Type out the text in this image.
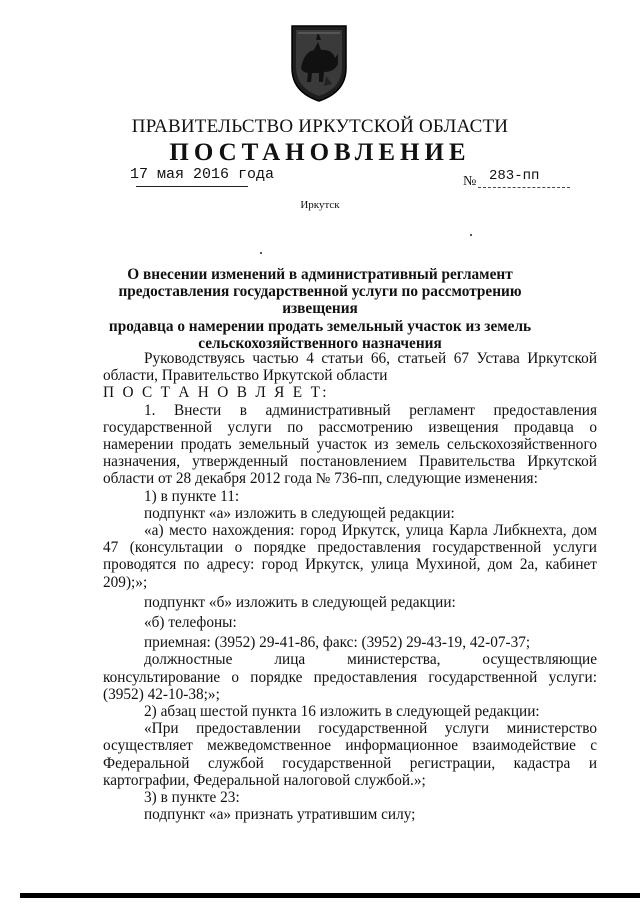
ПРАВИТЕЛЬСТВО ИРКУТСКОЙ ОБЛАСТИ
ПОСТАНОВЛЕНИЕ
17 мая 2016 года	№ 283-пп
Иркутск
О внесении изменений в административный регламент
предоставления государственной услуги по рассмотрению извещения
продавца о намерении продать земельный участок из земель
сельскохозяйственного назначения

Руководствуясь частью 4 статьи 66, статьей 67 Устава Иркутской области, Правительство Иркутской области

П О С Т А Н О В Л Я Е Т:

1. Внести в административный регламент предоставления государственной услуги по рассмотрению извещения продавца о намерении продать земельный участок из земель сельскохозяйственного назначения, утвержденный постановлением Правительства Иркутской области от 28 декабря 2012 года № 736-пп, следующие изменения:

1) в пункте 11:

подпункт «а» изложить в следующей редакции:

«а) место нахождения: город Иркутск, улица Карла Либкнехта, дом 47 (консультации о порядке предоставления государственной услуги проводятся по адресу: город Иркутск, улица Мухиной, дом 2а, кабинет 209);»;

подпункт «б» изложить в следующей редакции:

«б) телефоны:

приемная: (3952) 29-41-86, факс: (3952) 29-43-19, 42-07-37;

должностные лица министерства, осуществляющие консультирование о порядке предоставления государственной услуги: (3952) 42-10-38;»;

2) абзац шестой пункта 16 изложить в следующей редакции:

«При предоставлении государственной услуги министерство осуществляет межведомственное информационное взаимодействие с Федеральной службой государственной регистрации, кадастра и картографии, Федеральной налоговой службой.»;

3) в пункте 23:

подпункт «а» признать утратившим силу;
